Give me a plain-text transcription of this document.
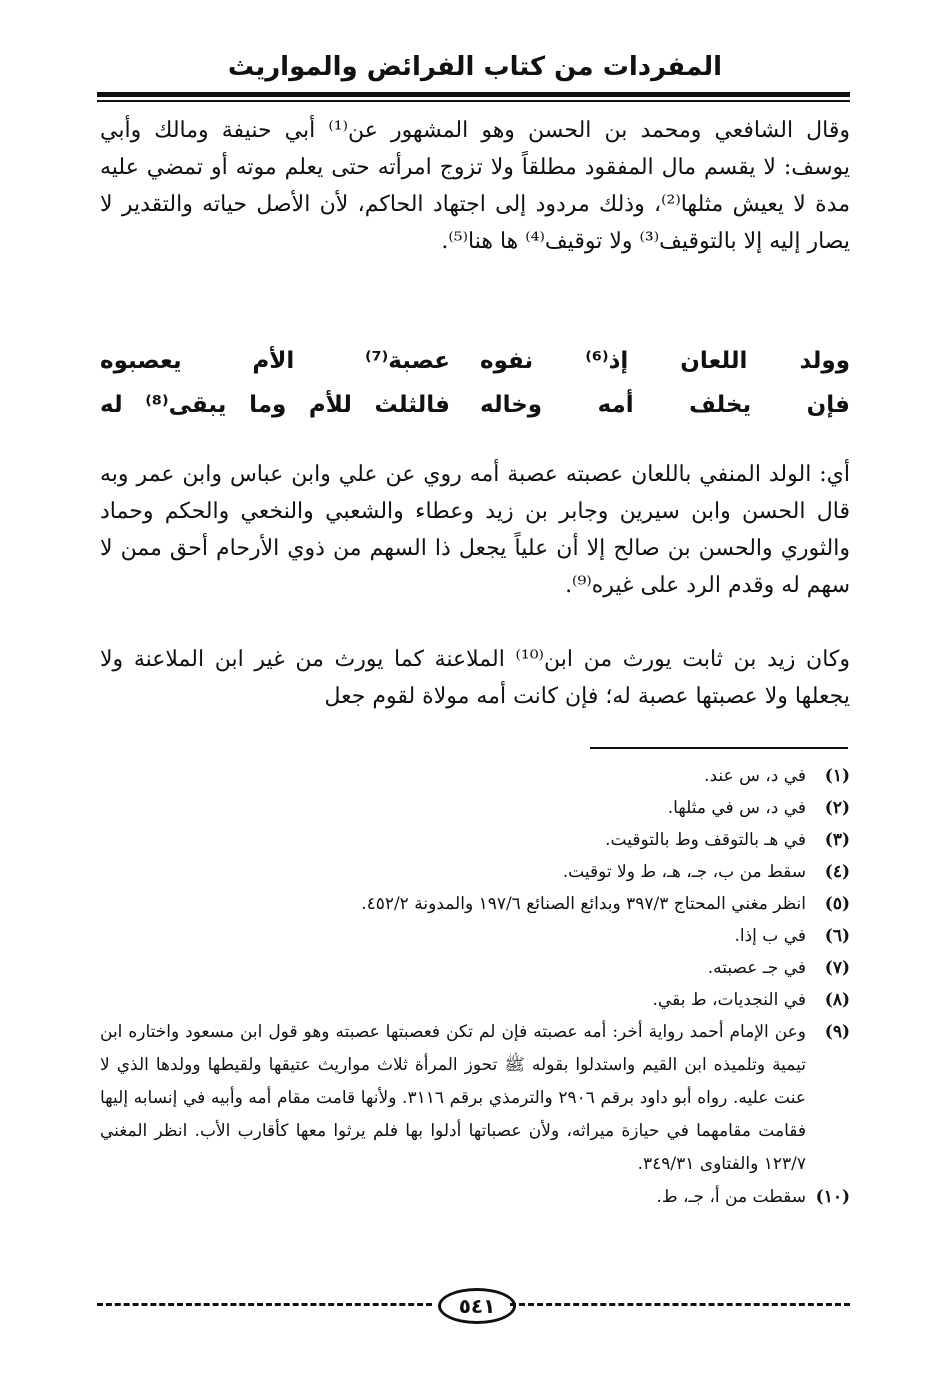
المفردات من كتاب الفرائض والمواريث

وقال الشافعي ومحمد بن الحسن وهو المشهور عن⁽¹⁾ أبي حنيفة ومالك وأبي يوسف: لا يقسم مال المفقود مطلقاً ولا تزوج امرأته حتى يعلم موته أو تمضي عليه مدة لا يعيش مثلها⁽²⁾، وذلك مردود إلى اجتهاد الحاكم، لأن الأصل حياته والتقدير لا يصار إليه إلا بالتوقيف⁽³⁾ ولا توقيف⁽⁴⁾ ها هنا⁽⁵⁾.

وولد اللعان إذ⁽⁶⁾ نفوه
عصبة⁽⁷⁾ الأم يعصبوه
فإن يخلف أمه وخاله
فالثلث للأم وما يبقى⁽⁸⁾ له

أي: الولد المنفي باللعان عصبته عصبة أمه روي عن علي وابن عباس وابن عمر وبه قال الحسن وابن سيرين وجابر بن زيد وعطاء والشعبي والنخعي والحكم وحماد والثوري والحسن بن صالح إلا أن علياً يجعل ذا السهم من ذوي الأرحام أحق ممن لا سهم له وقدم الرد على غيره⁽⁹⁾.

وكان زيد بن ثابت يورث من ابن⁽¹⁰⁾ الملاعنة كما يورث من غير ابن الملاعنة ولا يجعلها ولا عصبتها عصبة له؛ فإن كانت أمه مولاة لقوم جعل

(١)
في د، س عند.
(٢)
في د، س في مثلها.
(٣)
في هـ بالتوقف وط بالتوقيت.
(٤)
سقط من ب، جـ، هـ، ط ولا توقيت.
(٥)
انظر مغني المحتاج ٣٩٧/٣ وبدائع الصنائع ١٩٧/٦ والمدونة ٤٥٢/٢.
(٦)
في ب إذا.
(٧)
في جـ عصبته.
(٨)
في النجديات، ط بقي.
(٩)
وعن الإمام أحمد رواية أخر: أمه عصبته فإن لم تكن فعصبتها عصبته وهو قول ابن مسعود واختاره ابن تيمية وتلميذه ابن القيم واستدلوا بقوله ﷺ تحوز المرأة ثلاث مواريث عتيقها ولقيطها وولدها الذي لا عنت عليه. رواه أبو داود برقم ٢٩٠٦ والترمذي برقم ٣١١٦. ولأنها قامت مقام أمه وأبيه في إنسابه إليها فقامت مقامهما في حيازة ميراثه، ولأن عصباتها أدلوا بها فلم يرثوا معها كأقارب الأب. انظر المغني ١٢٣/٧ والفتاوى ٣٤٩/٣١.
(١٠)
سقطت من أ، جـ، ط.
٥٤١
